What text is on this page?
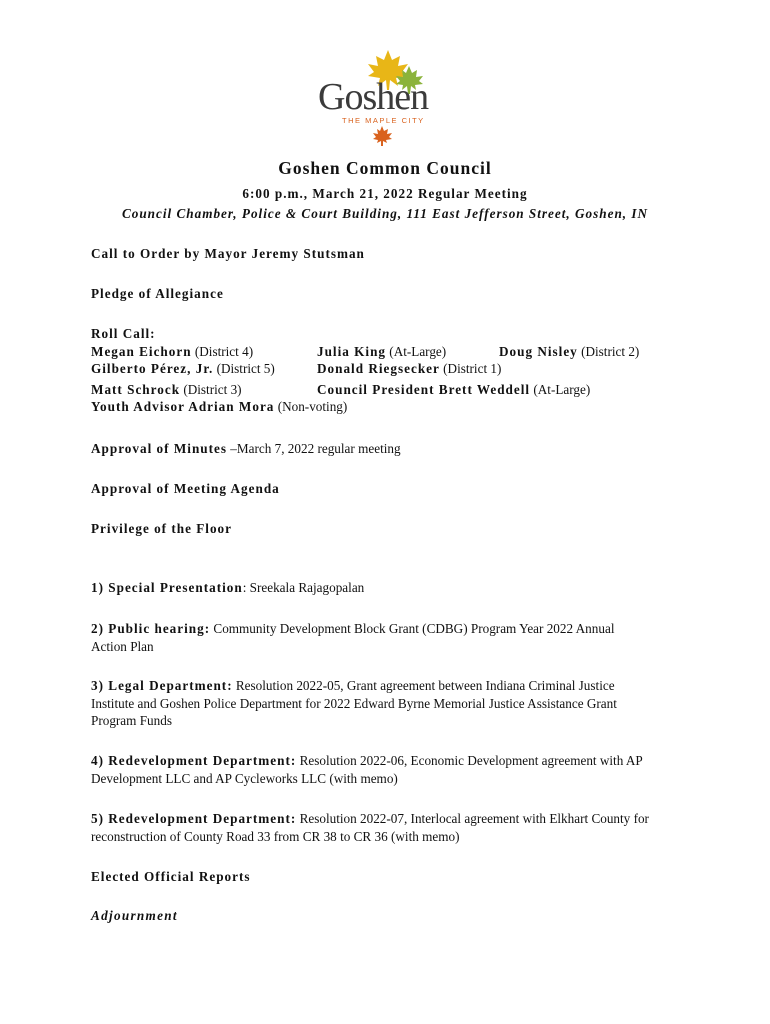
Goshen
THE MAPLE CITY
Goshen Common Council
6:00 p.m., March 21, 2022 Regular Meeting
Council Chamber, Police & Court Building, 111 East Jefferson Street, Goshen, IN
Call to Order by Mayor Jeremy Stutsman
Pledge of Allegiance
Roll Call:
Megan Eichorn (District 4)	Julia King (At-Large)	Doug Nisley (District 2)
Gilberto Pérez, Jr. (District 5)	Donald Riegsecker (District 1)
Matt Schrock (District 3)	Council President Brett Weddell (At-Large)
Youth Advisor Adrian Mora (Non-voting)
Approval of Minutes –March 7, 2022 regular meeting
Approval of Meeting Agenda
Privilege of the Floor
1) Special Presentation: Sreekala Rajagopalan
2) Public hearing: Community Development Block Grant (CDBG) Program Year 2022 Annual Action Plan
3) Legal Department: Resolution 2022-05, Grant agreement between Indiana Criminal Justice Institute and Goshen Police Department for 2022 Edward Byrne Memorial Justice Assistance Grant Program Funds
4) Redevelopment Department: Resolution 2022-06, Economic Development agreement with AP Development LLC and AP Cycleworks LLC (with memo)
5) Redevelopment Department: Resolution 2022-07, Interlocal agreement with Elkhart County for reconstruction of County Road 33 from CR 38 to CR 36 (with memo)
Elected Official Reports
Adjournment
